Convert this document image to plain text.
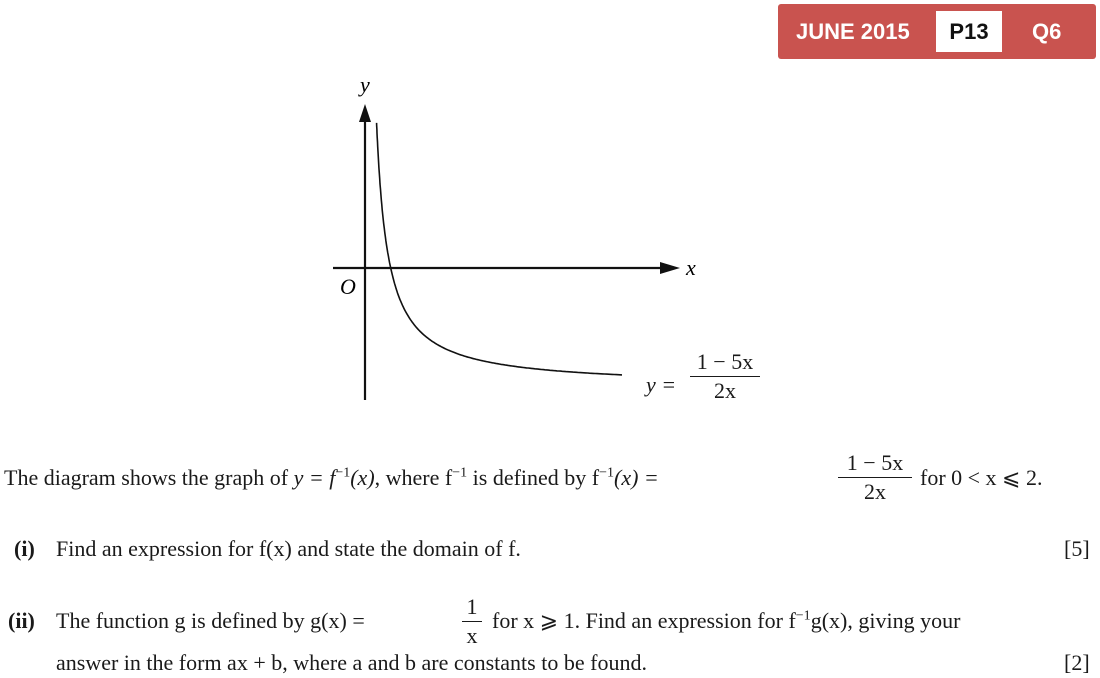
JUNE 2015	P13	Q6
y
x
O
y =
1 − 5x
2x
The diagram shows the graph of $y = f^{-1}(x)$, where $f^{-1}$ is defined by $f^{-1}(x)$ =
1 − 5x
2x
for 0 < x ⩽ 2.
(i) Find an expression for f(x) and state the domain of f.	[5]
(ii) The function g is defined by g(x) =
1
x
for x ⩾ 1. Find an expression for $f^{-1}g(x)$, giving your
answer in the form ax + b, where a and b are constants to be found.	[2]
